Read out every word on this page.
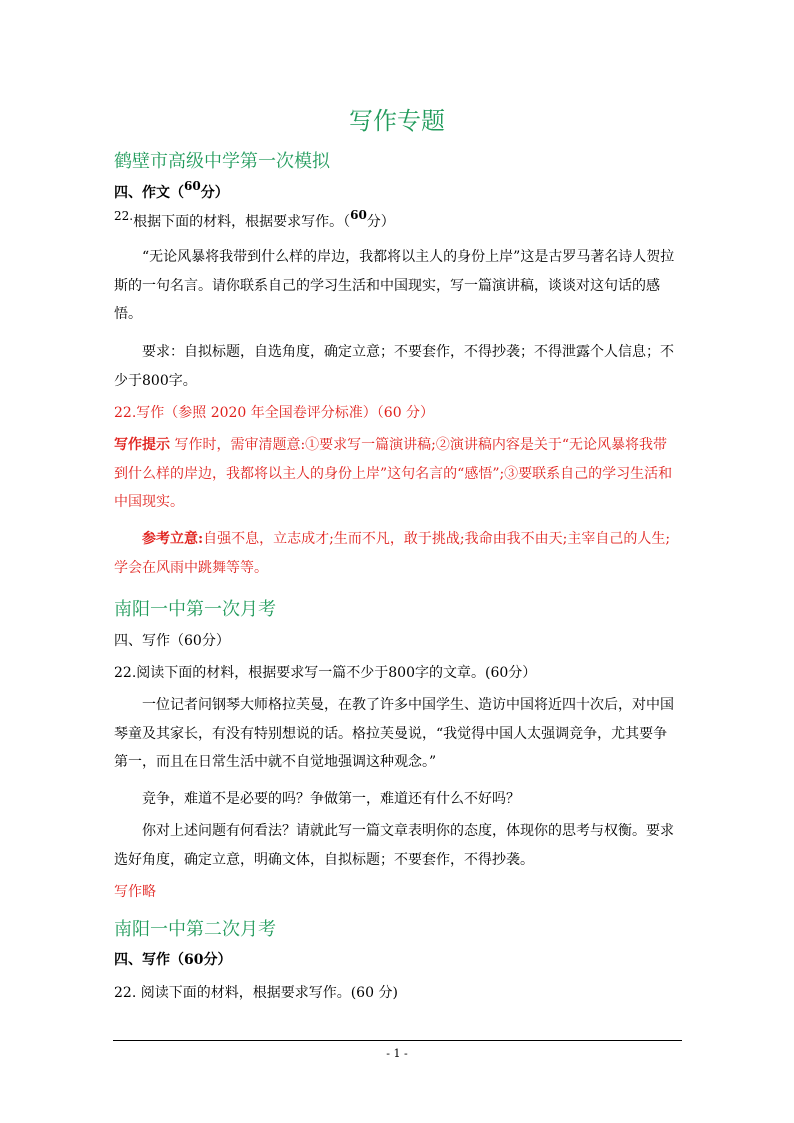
写作专题
鹤壁市高级中学第一次模拟
四、作文（60分）
22.根据下面的材料，根据要求写作。（60分）
“无论风暴将我带到什么样的岸边，我都将以主人的身份上岸”这是古罗马著名诗人贺拉斯的一句名言。请你联系自己的学习生活和中国现实，写一篇演讲稿，谈谈对这句话的感悟。
要求：自拟标题，自选角度，确定立意；不要套作，不得抄袭；不得泄露个人信息；不少于800字。
22.写作（参照 2020 年全国卷评分标准）（60 分）
写作提示 写作时，需审清题意:①要求写一篇演讲稿;②演讲稿内容是关于“无论风暴将我带到什么样的岸边，我都将以主人的身份上岸”这句名言的“感悟”;③要联系自己的学习生活和中国现实。
参考立意:自强不息，立志成才;生而不凡，敢于挑战;我命由我不由天;主宰自己的人生;学会在风雨中跳舞等等。
南阳一中第一次月考
四、写作（60分）
22.阅读下面的材料，根据要求写一篇不少于800字的文章。(60分）
一位记者问钢琴大师格拉芙曼，在教了许多中国学生、造访中国将近四十次后，对中国琴童及其家长，有没有特别想说的话。格拉芙曼说，“我觉得中国人太强调竞争，尤其要争第一，而且在日常生活中就不自觉地强调这种观念。”
竞争，难道不是必要的吗？争做第一，难道还有什么不好吗？
你对上述问题有何看法？请就此写一篇文章表明你的态度，体现你的思考与权衡。要求选好角度，确定立意，明确文体，自拟标题；不要套作，不得抄袭。
写作略
南阳一中第二次月考
四、写作（60分）
22. 阅读下面的材料，根据要求写作。(60 分)
- 1 -
